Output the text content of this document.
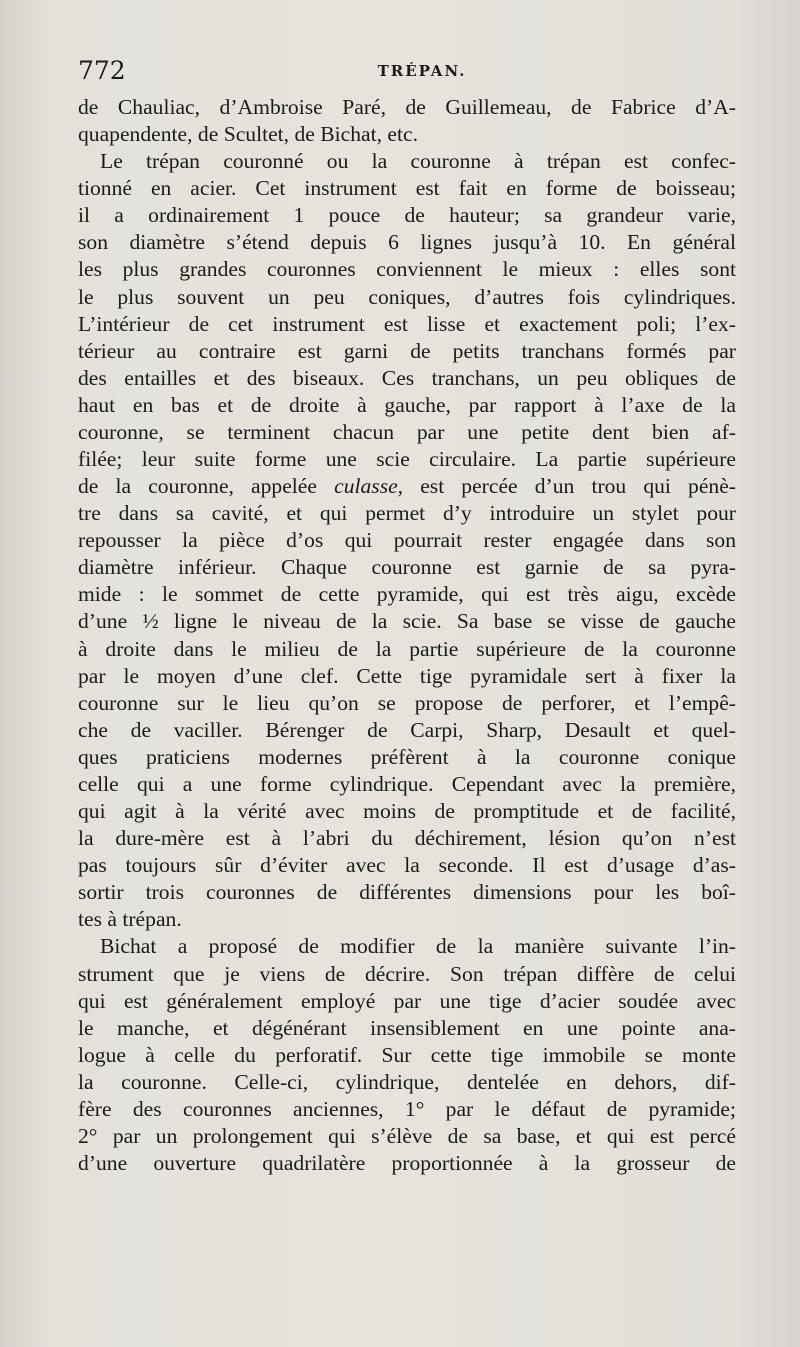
772	TRÉPAN.
de Chauliac, d’Ambroise Paré, de Guillemeau, de Fabrice d’A-
quapendente, de Scultet, de Bichat, etc.
Le trépan couronné ou la couronne à trépan est confec-
tionné en acier. Cet instrument est fait en forme de boisseau;
il a ordinairement 1 pouce de hauteur; sa grandeur varie,
son diamètre s’étend depuis 6 lignes jusqu’à 10. En général
les plus grandes couronnes conviennent le mieux : elles sont
le plus souvent un peu coniques, d’autres fois cylindriques.
L’intérieur de cet instrument est lisse et exactement poli; l’ex-
térieur au contraire est garni de petits tranchans formés par
des entailles et des biseaux. Ces tranchans, un peu obliques de
haut en bas et de droite à gauche, par rapport à l’axe de la
couronne, se terminent chacun par une petite dent bien af-
filée; leur suite forme une scie circulaire. La partie supérieure
de la couronne, appelée culasse, est percée d’un trou qui pénè-
tre dans sa cavité, et qui permet d’y introduire un stylet pour
repousser la pièce d’os qui pourrait rester engagée dans son
diamètre inférieur. Chaque couronne est garnie de sa pyra-
mide : le sommet de cette pyramide, qui est très aigu, excède
d’une ½ ligne le niveau de la scie. Sa base se visse de gauche
à droite dans le milieu de la partie supérieure de la couronne
par le moyen d’une clef. Cette tige pyramidale sert à fixer la
couronne sur le lieu qu’on se propose de perforer, et l’empê-
che de vaciller. Bérenger de Carpi, Sharp, Desault et quel-
ques praticiens modernes préfèrent à la couronne conique
celle qui a une forme cylindrique. Cependant avec la première,
qui agit à la vérité avec moins de promptitude et de facilité,
la dure-mère est à l’abri du déchirement, lésion qu’on n’est
pas toujours sûr d’éviter avec la seconde. Il est d’usage d’as-
sortir trois couronnes de différentes dimensions pour les boî-
tes à trépan.
Bichat a proposé de modifier de la manière suivante l’in-
strument que je viens de décrire. Son trépan diffère de celui
qui est généralement employé par une tige d’acier soudée avec
le manche, et dégénérant insensiblement en une pointe ana-
logue à celle du perforatif. Sur cette tige immobile se monte
la couronne. Celle-ci, cylindrique, dentelée en dehors, dif-
fère des couronnes anciennes, 1° par le défaut de pyramide;
2° par un prolongement qui s’élève de sa base, et qui est percé
d’une ouverture quadrilatère proportionnée à la grosseur de
